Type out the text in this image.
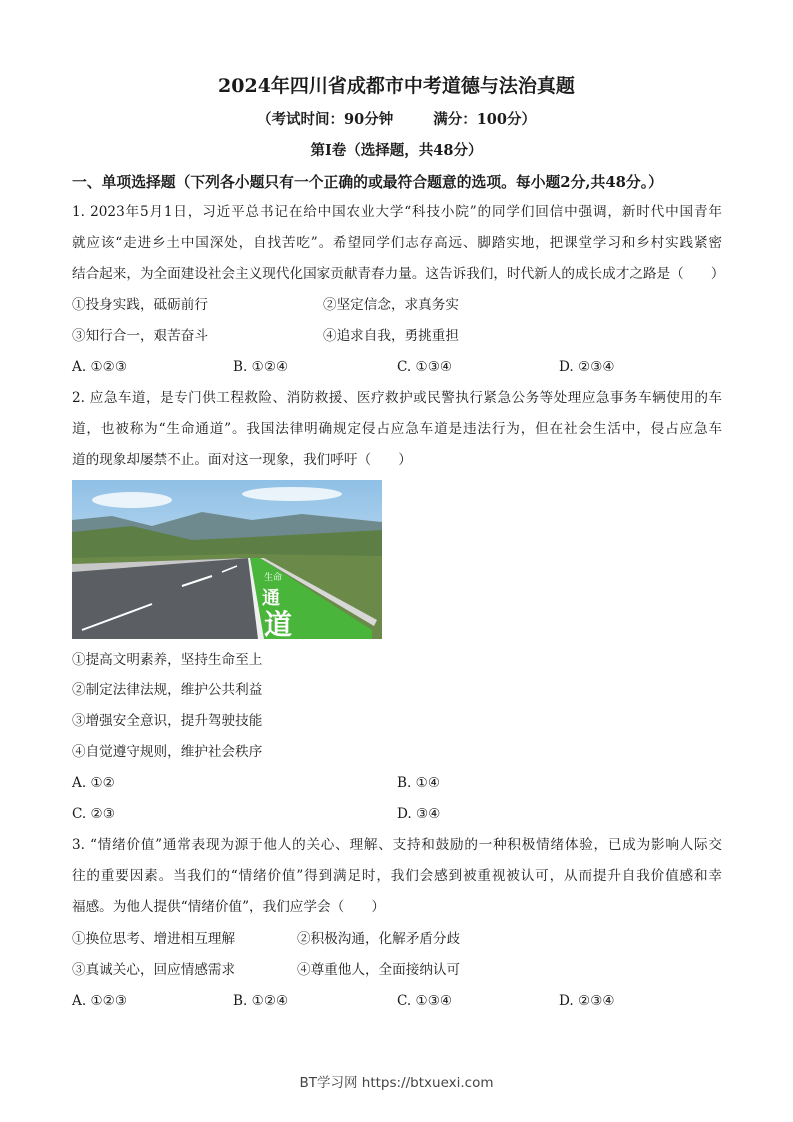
2024年四川省成都市中考道德与法治真题
（考试时间：90分钟	满分：100分）
第Ⅰ卷（选择题，共48分）
一、单项选择题（下列各小题只有一个正确的或最符合题意的选项。每小题2分,共48分。）
1. 2023年5月1日，习近平总书记在给中国农业大学“科技小院”的同学们回信中强调，新时代中国青年
就应该“走进乡土中国深处，自找苦吃”。希望同学们志存高远、脚踏实地，把课堂学习和乡村实践紧密
结合起来，为全面建设社会主义现代化国家贡献青春力量。这告诉我们，时代新人的成长成才之路是（　　）
①投身实践，砥砺前行	②坚定信念，求真务实
③知行合一，艰苦奋斗	④追求自我，勇挑重担
A. ①②③	B. ①②④	C. ①③④	D. ②③④
2. 应急车道，是专门供工程救险、消防救援、医疗救护或民警执行紧急公务等处理应急事务车辆使用的车
道，也被称为“生命通道”。我国法律明确规定侵占应急车道是违法行为，但在社会生活中，侵占应急车
道的现象却屡禁不止。面对这一现象，我们呼吁（　　）
生命
通
道
①提高文明素养，坚持生命至上
②制定法律法规，维护公共利益
③增强安全意识，提升驾驶技能
④自觉遵守规则，维护社会秩序
A. ①②	B. ①④
C. ②③	D. ③④
3. “情绪价值”通常表现为源于他人的关心、理解、支持和鼓励的一种积极情绪体验，已成为影响人际交
往的重要因素。当我们的“情绪价值”得到满足时，我们会感到被重视被认可，从而提升自我价值感和幸
福感。为他人提供“情绪价值”，我们应学会（　　）
①换位思考、增进相互理解	②积极沟通，化解矛盾分歧
③真诚关心，回应情感需求	④尊重他人，全面接纳认可
A. ①②③	B. ①②④	C. ①③④	D. ②③④
BT学习网 https://btxuexi.com
